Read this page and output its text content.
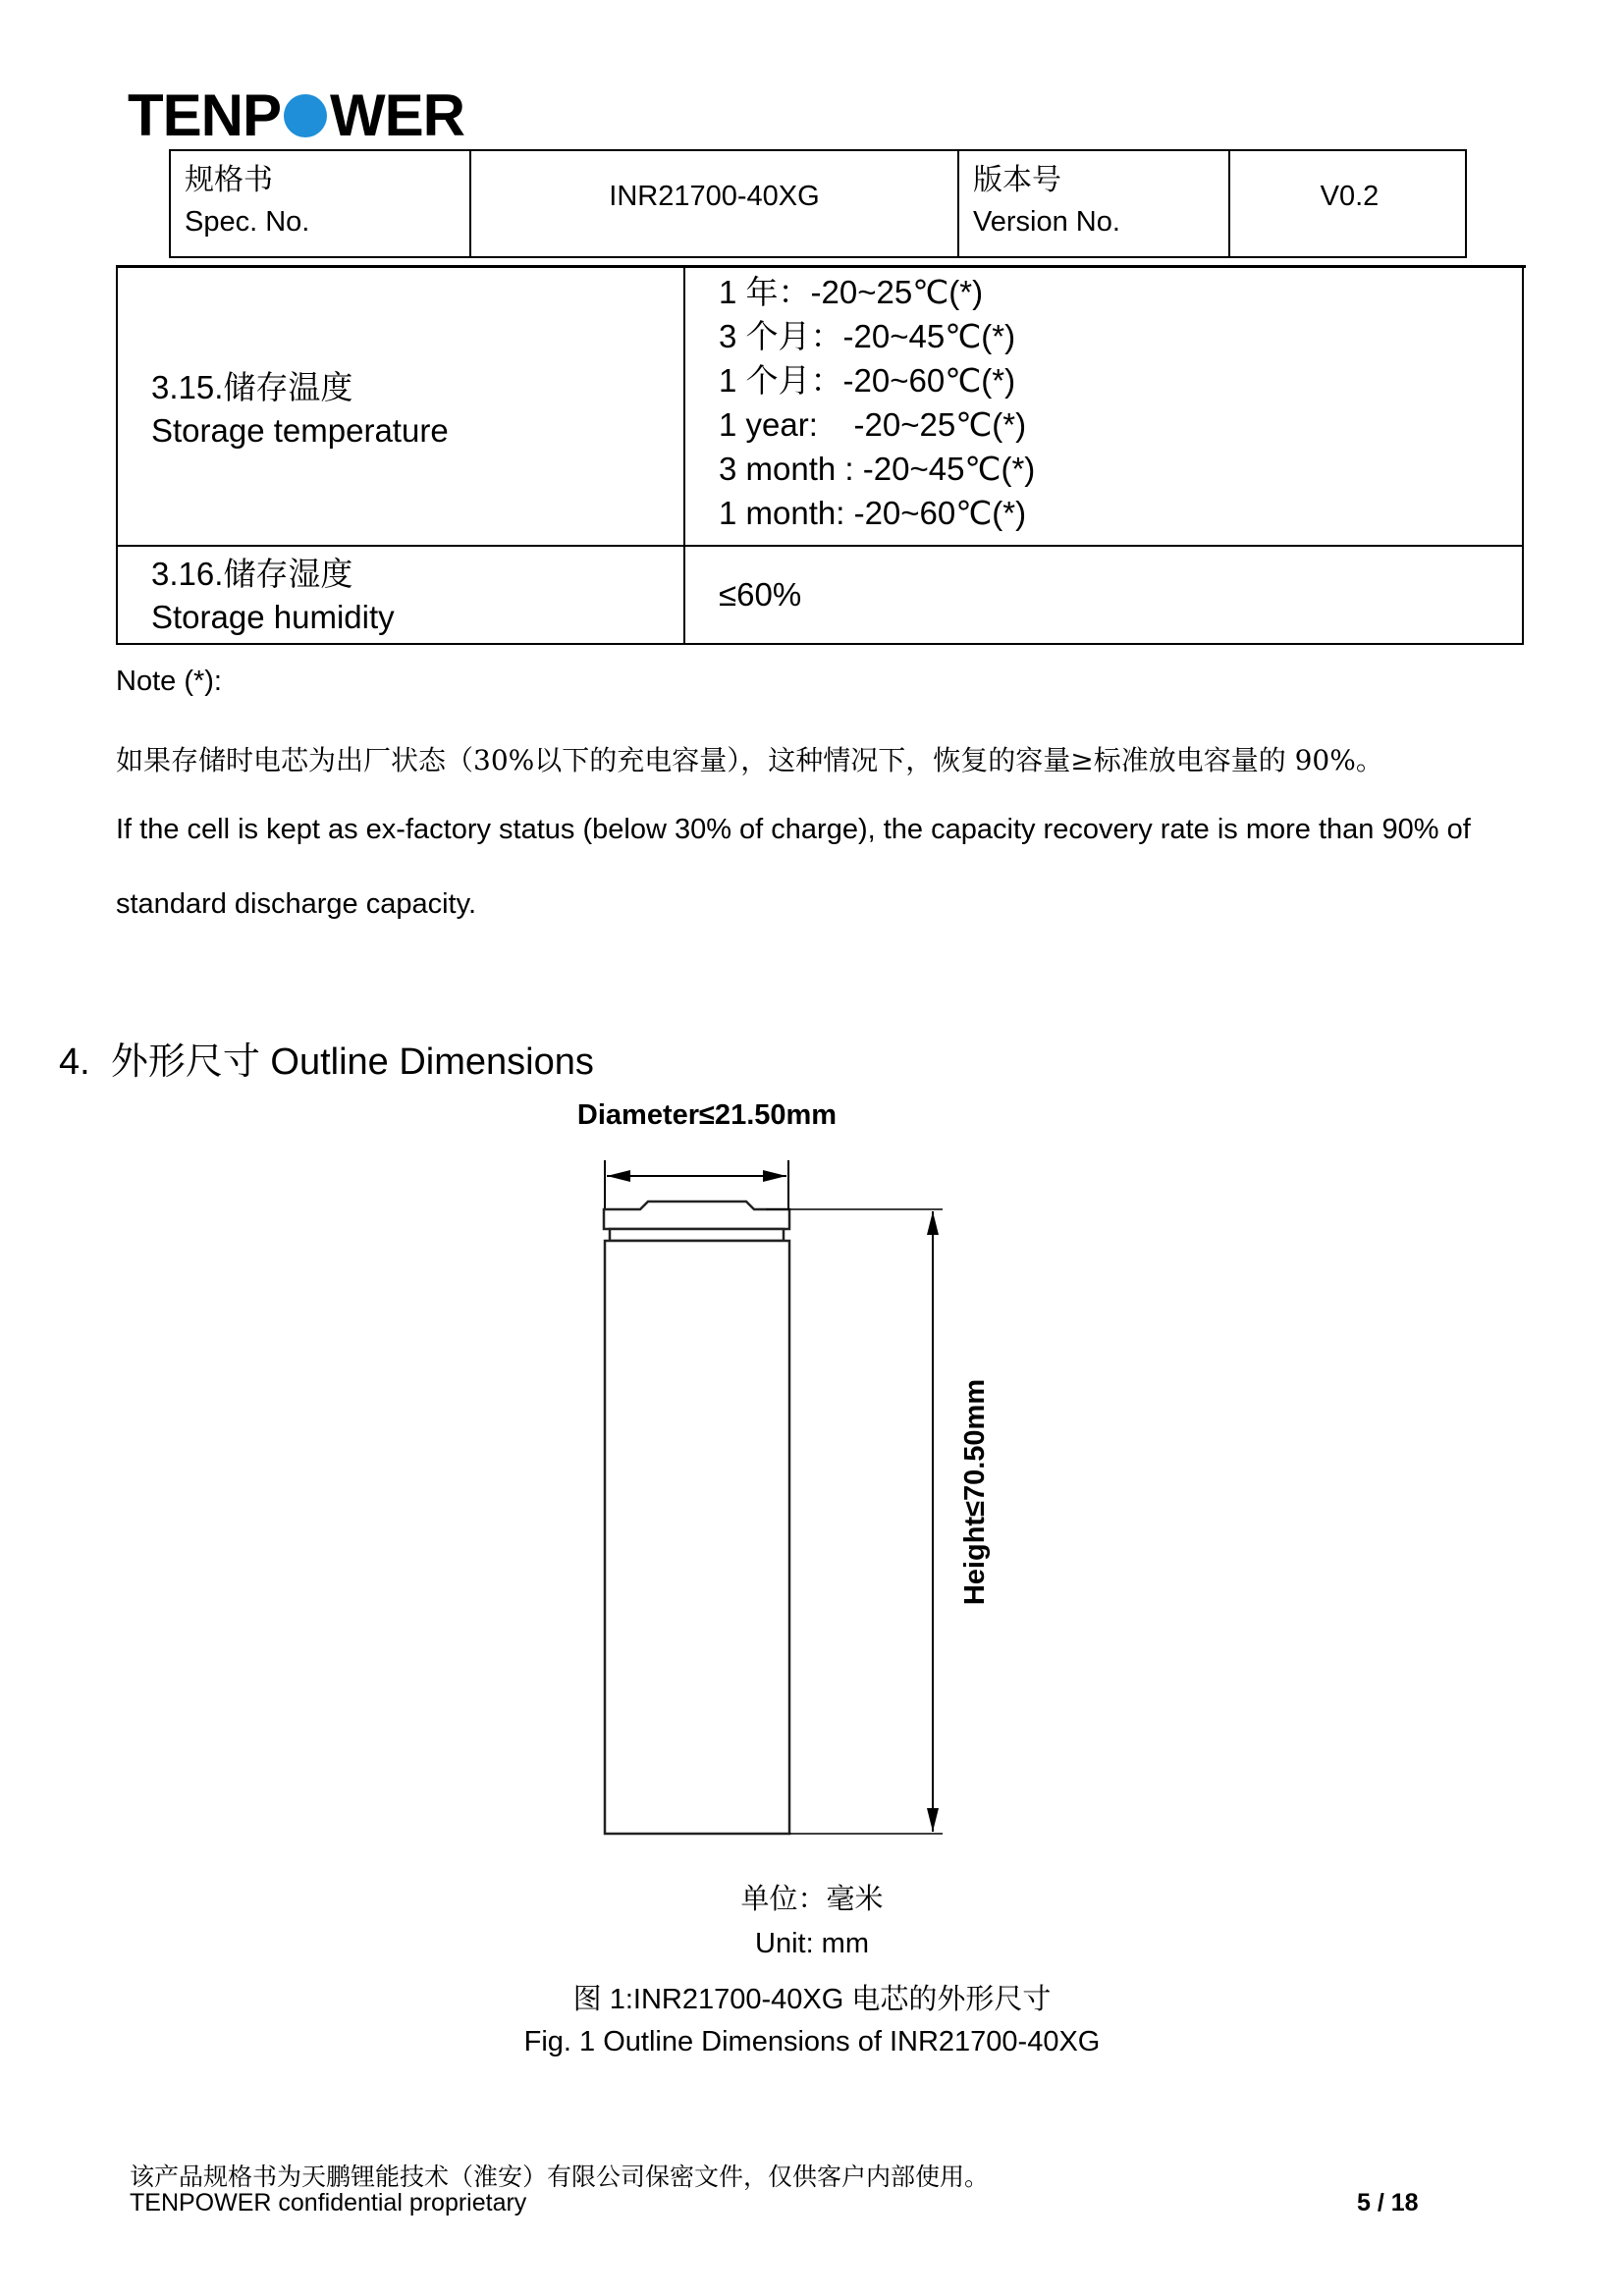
TENP WER
规格书
Spec. No.
INR21700-40XG	版本号
Version No.
V0.2
3.15.储存温度
Storage temperature
1 年：-20~25℃(*)
3 个月：-20~45℃(*)
1 个月：-20~60℃(*)
1 year:    -20~25℃(*)
3 month : -20~45℃(*)
1 month: -20~60℃(*)
3.16.储存湿度
Storage humidity
≤60%
Note (*):
如果存储时电芯为出厂状态（30%以下的充电容量），这种情况下，恢复的容量≥标准放电容量的 90%。
If the cell is kept as ex-factory status (below 30% of charge), the capacity recovery rate is more than 90% of
standard discharge capacity.
4. 外形尺寸 Outline Dimensions
Diameter≤21.50mm
Height≤70.50mm
单位：毫米
Unit: mm
图 1:INR21700-40XG 电芯的外形尺寸
Fig. 1 Outline Dimensions of INR21700-40XG
该产品规格书为天鹏锂能技术（淮安）有限公司保密文件，仅供客户内部使用。
TENPOWER confidential proprietary	5 / 18
